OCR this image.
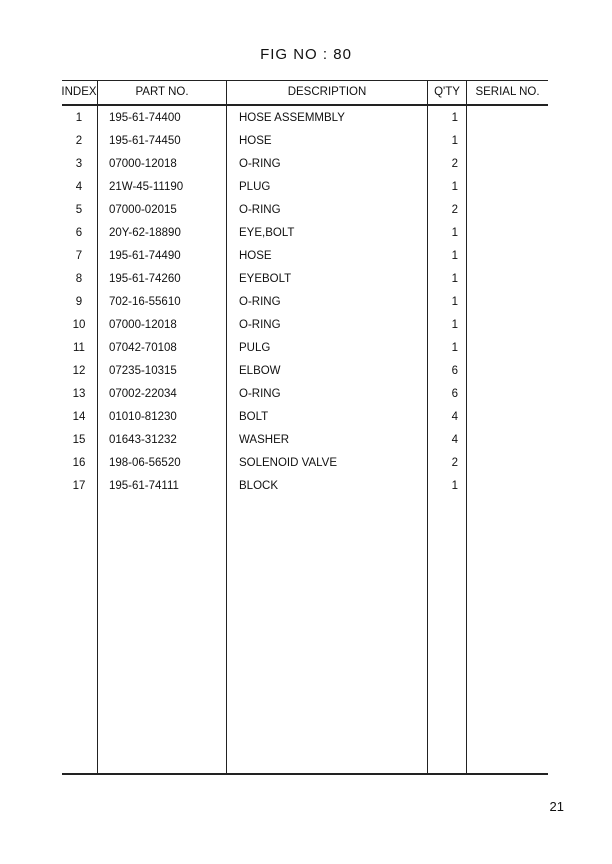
FIG NO : 80
INDEX	PART NO.	DESCRIPTION	Q'TY	SERIAL NO.
1	195-61-74400	HOSE ASSEMMBLY	1
2	195-61-74450	HOSE	1
3	07000-12018	O-RING	2
4	21W-45-11190	PLUG	1
5	07000-02015	O-RING	2
6	20Y-62-18890	EYE,BOLT	1
7	195-61-74490	HOSE	1
8	195-61-74260	EYEBOLT	1
9	702-16-55610	O-RING	1
10	07000-12018	O-RING	1
11	07042-70108	PULG	1
12	07235-10315	ELBOW	6
13	07002-22034	O-RING	6
14	01010-81230	BOLT	4
15	01643-31232	WASHER	4
16	198-06-56520	SOLENOID VALVE	2
17	195-61-74111	BLOCK	1
21
